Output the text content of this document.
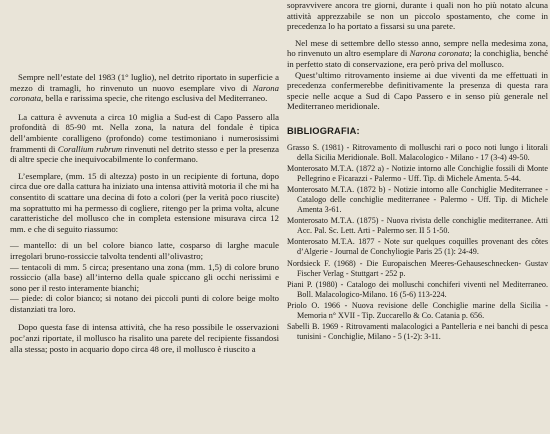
Sempre nell’estate del 1983 (1° luglio), nel detrito riportato in superficie a mezzo di tramagli, ho rinvenuto un nuovo esemplare vivo di Narona coronata, bella e rarissima specie, che ritengo esclusiva del Mediterraneo.

La cattura è avvenuta a circa 10 miglia a Sud-est di Capo Passero alla profondità di 85-90 mt. Nella zona, la natura del fondale è tipica dell’ambiente coralligeno (profondo) come testimoniano i numerosissimi frammenti di Corallium rubrum rinvenuti nel detrito stesso e per la presenza di altre specie che inequivocabilmente lo confermano.

L’esemplare, (mm. 15 di altezza) posto in un recipiente di fortuna, dopo circa due ore dalla cattura ha iniziato una intensa attività motoria il che mi ha consentito di scattare una decina di foto a colori (per la verità poco riuscite) ma soprattutto mi ha permesso di cogliere, ritengo per la prima volta, alcune caratteristiche del mollusco che in completa estensione misurava circa 12 mm. e che di seguito riassumo:

— mantello: di un bel colore bianco latte, cosparso di larghe macule irregolari bruno-rossiccie talvolta tendenti all’olivastro;

— tentacoli di mm. 5 circa; presentano una zona (mm. 1,5) di colore bruno rossiccio (alla base) all’interno della quale spiccano gli occhi nerissimi e sono per il resto interamente bianchi;

— piede: di color bianco; si notano dei piccoli punti di colore beige molto distanziati tra loro.

Dopo questa fase di intensa attività, che ha reso possibile le osservazioni poc’anzi riportate, il mollusco ha risalito una parete del recipiente fissandosi alla stessa; posto in acquario dopo circa 48 ore, il mollusco è riuscito a

sopravvivere ancora tre giorni, durante i quali non ho più notato alcuna attività apprezzabile se non un piccolo spostamento, che come in precedenza lo ha portato a fissarsi su una parete.

Nel mese di settembre dello stesso anno, sempre nella medesima zona, ho rinvenuto un altro esemplare di Narona coronata; la conchiglia, benché in perfetto stato di conservazione, era però priva del mollusco.

Quest’ultimo ritrovamento insieme ai due viventi da me effettuati in precedenza confermerebbe definitivamente la presenza di questa rara specie nelle acque a Sud di Capo Passero e in senso più generale nel Mediterraneo meridionale.

BIBLIOGRAFIA:
Grasso S. (1981) - Ritrovamento di molluschi rari o poco noti lungo i litorali della Sicilia Meridionale. Boll. Malacologico - Milano - 17 (3-4) 49-50.
Monterosato M.T.A. (1872 a) - Notizie intorno alle Conchiglie fossili di Monte Pellegrino e Ficarazzi - Palermo - Uff. Tip. di Michele Amenta. 5-44.
Monterosato M.T.A. (1872 b) - Notizie intorno alle Conchiglie Mediterranee - Catalogo delle conchiglie mediterranee - Palermo - Uff. Tip. di Michele Amenta 3-61.
Monterosato M.T.A. (1875) - Nuova rivista delle conchiglie mediterranee. Atti Acc. Pal. Sc. Lett. Arti - Palermo ser. II 5 1-50.
Monterosato M.T.A. 1877 - Note sur quelques coquilles provenant des côtes d’Algerie - Journal de Conchyliogie Paris 25 (1): 24-49.
Nordsieck F. (1968) - Die Europaischen Meeres-Gehauseschnecken- Gustav Fischer Verlag - Stuttgart - 252 p.
Piani P. (1980) - Catalogo dei molluschi conchiferi viventi nel Mediterraneo. Boll. Malacologico-Milano. 16 (5-6) 113-224.
Priolo O. 1966 - Nuova revisione delle Conchiglie marine della Sicilia - Memoria n° XVII - Tip. Zuccarello & Co. Catania p. 656.
Sabelli B. 1969 - Ritrovamenti malacologici a Pantelleria e nei banchi di pesca tunisini - Conchiglie, Milano - 5 (1-2): 3-11.
